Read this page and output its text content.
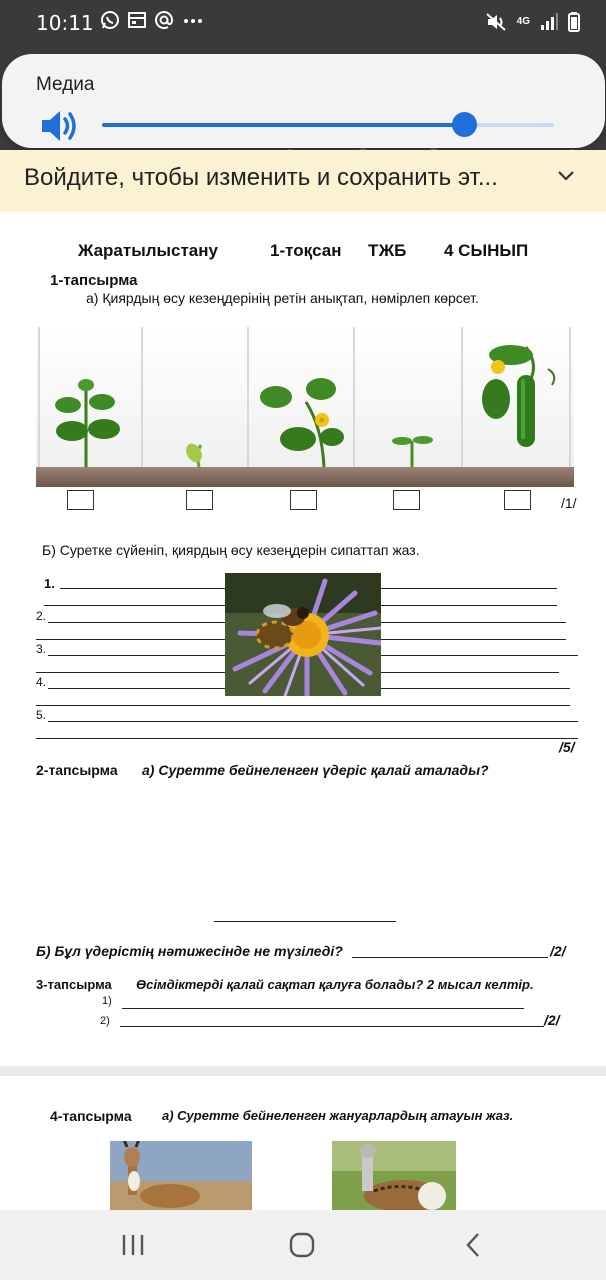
10:11	4G
Медиа
Войдите, чтобы изменить и сохранить эт...
Жаратылыстану	1-тоқсан ТЖБ 4 СЫНЫП
1-тапсырма
а) Қиярдың өсу кезеңдерінің ретін анықтап, нөмірлеп көрсет.
/1/
Б) Суретке сүйеніп, қиярдың өсу кезеңдерін сипаттап жаз.
1.
2.
3.
4.
5.
/5/
2-тапсырма а) Суретте бейнеленген үдеріс қалай аталады?
Б) Бұл үдерістің нәтижесінде не түзіледі?	/2/
3-тапсырма Өсімдіктерді қалай сақтап қалуға болады? 2 мысал келтір.
1)
2)	/2/
4-тапсырма а) Суретте бейнеленген жануарлардың атауын жаз.
